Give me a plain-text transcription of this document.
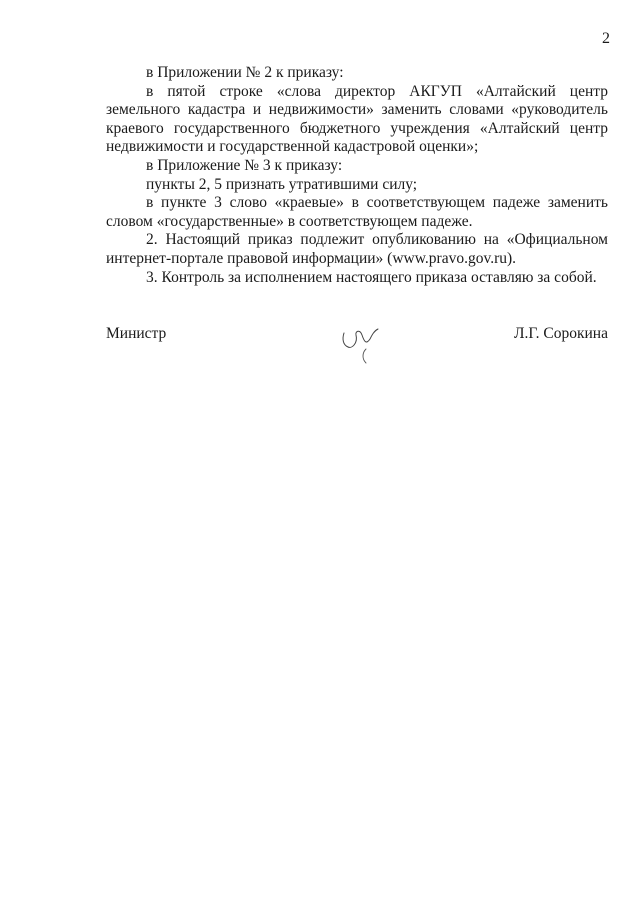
2

в Приложении № 2 к приказу:

в пятой строке «слова директор АКГУП «Алтайский центр земельного кадастра и недвижимости» заменить словами «руководитель краевого государственного бюджетного учреждения «Алтайский центр недвижимости и государственной кадастровой оценки»;

в Приложение № 3 к приказу:

пункты 2, 5 признать утратившими силу;

в пункте 3 слово «краевые» в соответствующем падеже заменить словом «государственные» в соответствующем падеже.

2. Настоящий приказ подлежит опубликованию на «Официальном интернет-портале правовой информации» (www.pravo.gov.ru).

3. Контроль за исполнением настоящего приказа оставляю за собой.

Министр	Л.Г. Сорокина
